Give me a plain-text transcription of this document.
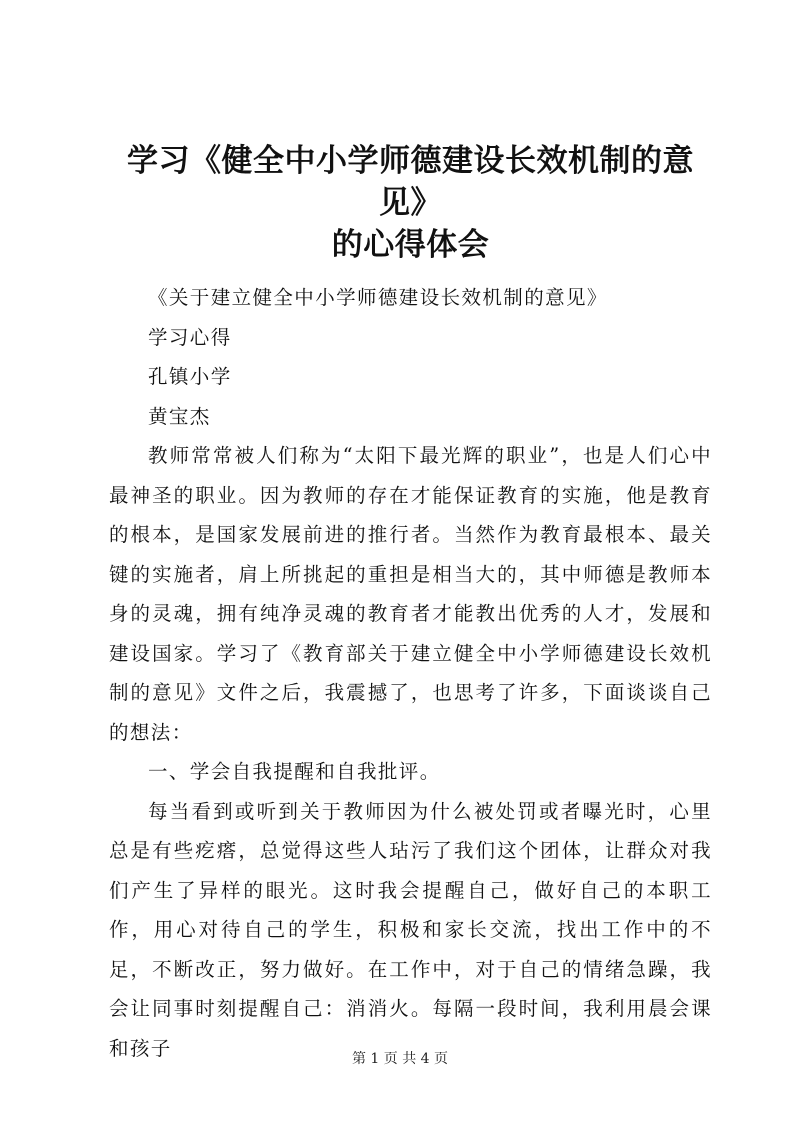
学习《健全中小学师德建设长效机制的意见》
的心得体会

《关于建立健全中小学师德建设长效机制的意见》

学习心得

孔镇小学

黄宝杰

教师常常被人们称为“太阳下最光辉的职业”，也是人们心中最神圣的职业。因为教师的存在才能保证教育的实施，他是教育的根本，是国家发展前进的推行者。当然作为教育最根本、最关键的实施者，肩上所挑起的重担是相当大的，其中师德是教师本身的灵魂，拥有纯净灵魂的教育者才能教出优秀的人才，发展和建设国家。学习了《教育部关于建立健全中小学师德建设长效机制的意见》文件之后，我震撼了，也思考了许多，下面谈谈自己的想法：

一、学会自我提醒和自我批评。

每当看到或听到关于教师因为什么被处罚或者曝光时，心里总是有些疙瘩，总觉得这些人玷污了我们这个团体，让群众对我们产生了异样的眼光。这时我会提醒自己，做好自己的本职工作，用心对待自己的学生，积极和家长交流，找出工作中的不足，不断改正，努力做好。在工作中，对于自己的情绪急躁，我会让同事时刻提醒自己：消消火。每隔一段时间，我利用晨会课和孩子	第 1 页 共 4 页
